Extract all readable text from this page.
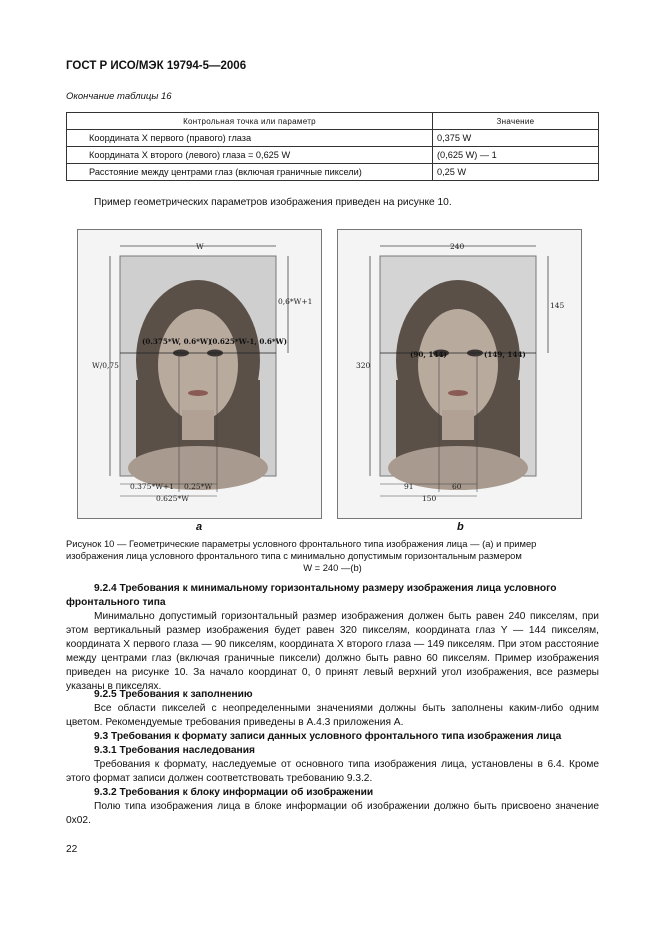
ГОСТ Р ИСО/МЭК 19794-5—2006
Окончание таблицы 16
Контрольная точка или параметр	Значение
Координата X первого (правого) глаза	0,375 W
Координата X второго (левого) глаза = 0,625 W	(0,625 W) — 1
Расстояние между центрами глаз (включая граничные пиксели)	0,25 W
Пример геометрических параметров изображения приведен на рисунке 10.
W
0,6*W+1
W/0,75
(0.375*W, 0.6*W)
(0.625*W-1, 0.6*W)
0.375*W+1 0.25*W
0.625*W
240
145
320
(90, 144)	(149, 144)
91	60
150
a	b
Рисунок 10 — Геометрические параметры условного фронтального типа изображения лица — (a) и пример
изображения лица условного фронтального типа с минимально допустимым горизонтальным размером
W = 240 —(b)
9.2.4 Требования к минимальному горизонтальному размеру изображения лица условного фронтального типа
Минимально допустимый горизонтальный размер изображения должен быть равен 240 пикселям, при этом вертикальный размер изображения будет равен 320 пикселям, координата глаз Y — 144 пикселям, координата X первого глаза — 90 пикселям, координата X второго глаза — 149 пикселям. При этом расстояние между центрами глаз (включая граничные пиксели) должно быть равно 60 пикселям. Пример изображения приведен на рисунке 10. За начало координат 0, 0 принят левый верхний угол изображения, все размеры указаны в пикселях.
9.2.5 Требования к заполнению
Все области пикселей с неопределенными значениями должны быть заполнены каким-либо одним цветом. Рекомендуемые требования приведены в А.4.3 приложения А.
9.3 Требования к формату записи данных условного фронтального типа изображения лица
9.3.1 Требования наследования
Требования к формату, наследуемые от основного типа изображения лица, установлены в 6.4. Кроме этого формат записи должен соответствовать требованию 9.3.2.
9.3.2 Требования к блоку информации об изображении
Полю типа изображения лица в блоке информации об изображении должно быть присвоено значение 0x02.
22
